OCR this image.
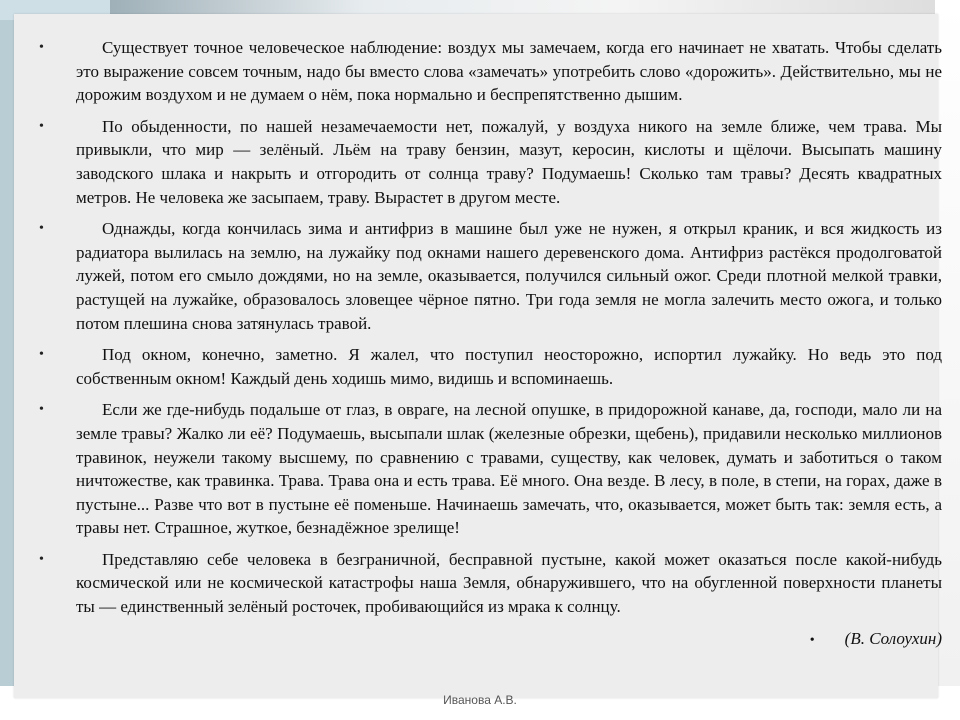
•	Существует точное человеческое наблюдение: воздух мы замечаем, когда его начинает не хватать. Чтобы сделать это выражение совсем точным, надо бы вместо слова «замечать» употребить слово «дорожить». Действительно, мы не дорожим воздухом и не думаем о нём, пока нормально и беспрепятственно дышим.

•	По обыденности, по нашей незамечаемости нет, пожалуй, у воздуха никого на земле ближе, чем трава. Мы привыкли, что мир — зелёный. Льём на траву бензин, мазут, керосин, кислоты и щёлочи. Высыпать машину заводского шлака и накрыть и отгородить от солнца траву? Подумаешь! Сколько там травы? Десять квадратных метров. Не человека же засыпаем, траву. Вырастет в другом месте.

•	Однажды, когда кончилась зима и антифриз в машине был уже не нужен, я открыл краник, и вся жидкость из радиатора вылилась на землю, на лужайку под окнами нашего деревенского дома. Антифриз растёкся продолговатой лужей, потом его смыло дождями, но на земле, оказывается, получился сильный ожог. Среди плотной мелкой травки, растущей на лужайке, образовалось зловещее чёрное пятно. Три года земля не могла залечить место ожога, и только потом плешина снова затянулась травой.

•	Под окном, конечно, заметно. Я жалел, что поступил неосторожно, испортил лужайку. Но ведь это под собственным окном! Каждый день ходишь мимо, видишь и вспоминаешь.

•	Если же где-нибудь подальше от глаз, в овраге, на лесной опушке, в придорожной канаве, да, господи, мало ли на земле травы? Жалко ли её? Подумаешь, высыпали шлак (железные обрезки, щебень), придавили несколько миллионов травинок, неужели такому высшему, по сравнению с травами, существу, как человек, думать и заботиться о таком ничтожестве, как травинка. Трава. Трава она и есть трава. Её много. Она везде. В лесу, в поле, в степи, на горах, даже в пустыне... Разве что вот в пустыне её поменьше. Начинаешь замечать, что, оказывается, может быть так: земля есть, а травы нет. Страшное, жуткое, безнадёжное зрелище!

•	Представляю себе человека в безграничной, бесправной пустыне, какой может оказаться после какой-нибудь космической или не космической катастрофы наша Земля, обнаружившего, что на обугленной поверхности планеты ты — единственный зелёный росточек, пробивающийся из мрака к солнцу.

• (В. Солоухин)
Иванова А.В.
